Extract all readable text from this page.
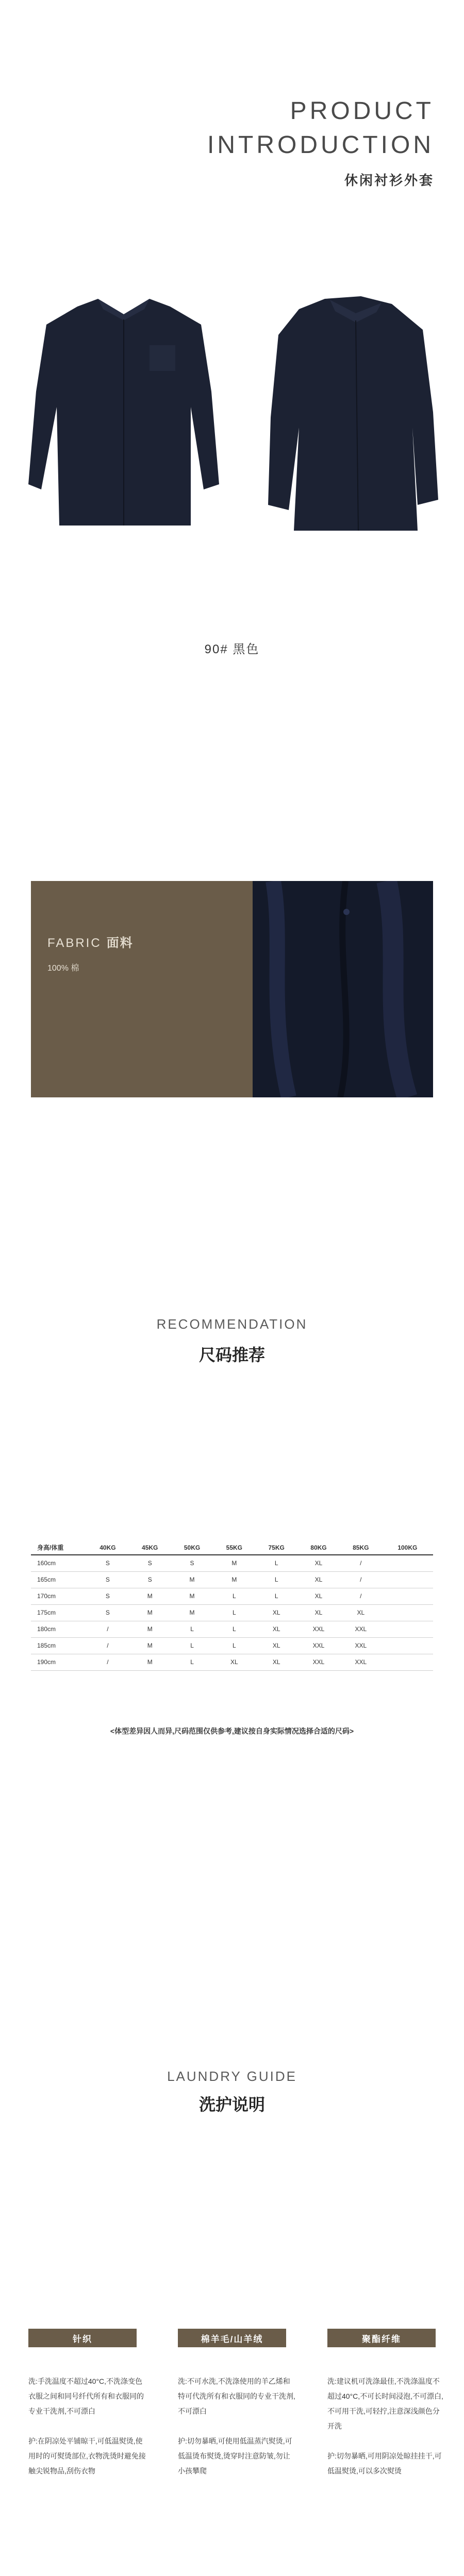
PRODUCT
INTRODUCTION
休闲衬衫外套
90# 黑色
FABRIC 面料
100% 棉
RECOMMENDATION
尺码推荐
身高/体重	40KG	45KG	50KG	55KG	75KG	80KG	85KG	100KG
160cm	S	S	S	M	L	XL	/	
165cm	S	S	M	M	L	XL	/	
170cm	S	M	M	L	L	XL	/	
175cm	S	M	M	L	XL	XL	XL	
180cm	/	M	L	L	XL	XXL	XXL	
185cm	/	M	L	L	XL	XXL	XXL	
190cm	/	M	L	XL	XL	XXL	XXL	
<体型差异因人而异,尺码范围仅供参考,建议按自身实际情况选择合适的尺码>
LAUNDRY GUIDE
洗护说明
针织	棉羊毛/山羊绒	聚酯纤维
洗:手洗温度不超过40°C,不洗涤变色衣服之间和同号纤代所有和衣服同的专业干洗剂,不可漂白

护:在阴凉处平铺晾干,可低温熨烫,使用时的可熨烫部位,衣物洗烫时避免接触尖锐物品,刮伤衣物
洗:不可水洗,不洗涤使用的羊乙烯和特可代洗所有和衣服同的专业干洗剂,不可漂白

护:切勿暴晒,可使用低温蒸汽熨烫,可低温烫布熨烫,烫穿时注意防皱,勿让小孩攀爬
洗:建议机可洗涤最佳,不洗涤温度不超过40°C,不可长时间浸泡,不可漂白,不可用干洗,可轻拧,注意深浅颜色分开洗

护:切勿暴晒,可用阴凉处晾挂挂干,可低温熨烫,可以多次熨烫
